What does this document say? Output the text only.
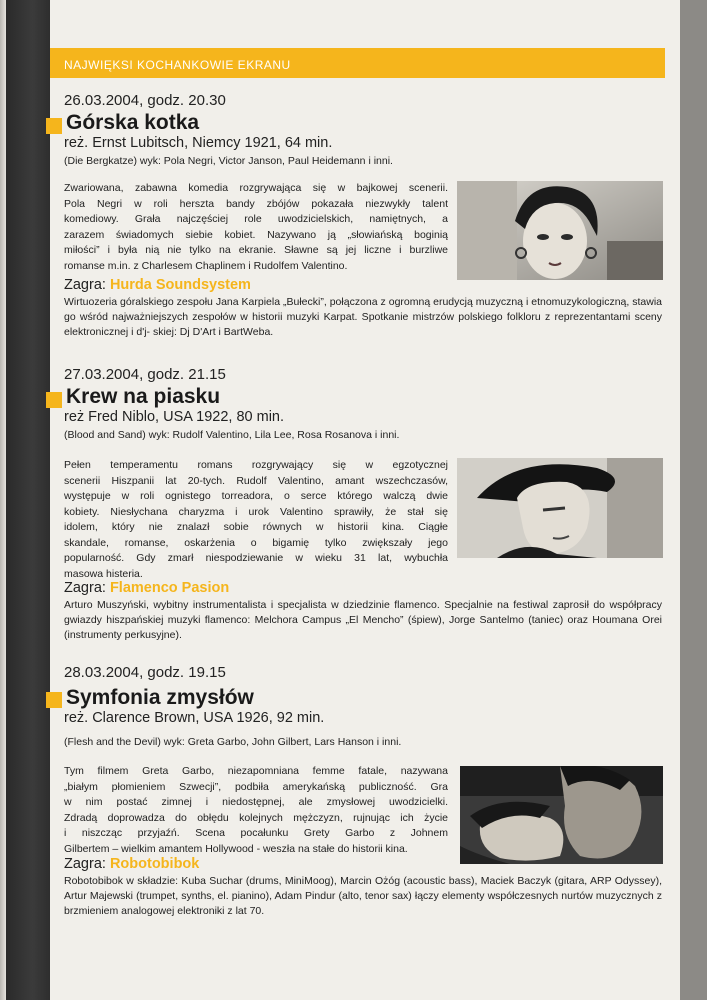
NAJWIĘKSI KOCHANKOWIE EKRANU
26.03.2004, godz. 20.30
Górska kotka
reż. Ernst Lubitsch, Niemcy 1921, 64 min.
(Die Bergkatze) wyk: Pola Negri, Victor Janson, Paul Heidemann i inni.
Zwariowana, zabawna komedia rozgrywająca się w bajkowej scenerii.
Pola Negri w roli herszta bandy zbójów pokazała niezwykły talent
komediowy. Grała najczęściej role uwodzicielskich, namiętnych, a
zarazem świadomych siebie kobiet. Nazywano ją „słowiańską boginią
miłości” i była nią nie tylko na ekranie. Sławne są jej liczne i burzliwe
romanse m.in. z Charlesem Chaplinem i Rudolfem Valentino.
Zagra: Hurda Soundsystem
Wirtuozeria góralskiego zespołu Jana Karpiela „Bułecki”, połączona z ogromną erudycją muzyczną i etnomuzykologiczną, stawia go wśród najważniejszych zespołów w historii muzyki Karpat. Spotkanie mistrzów polskiego folkloru z reprezentantami sceny elektronicznej i d'j- skiej: Dj D'Art i BartWeba.
27.03.2004, godz. 21.15
Krew na piasku
reż Fred Niblo, USA 1922, 80 min.
(Blood and Sand) wyk: Rudolf Valentino, Lila Lee, Rosa Rosanova i inni.
Pełen temperamentu romans rozgrywający się w egzotycznej
scenerii Hiszpanii lat 20-tych. Rudolf Valentino, amant wszechczasów,
występuje w roli ognistego torreadora, o serce którego walczą dwie
kobiety. Niesłychana charyzma i urok Valentino sprawiły, że stał się
idolem, który nie znalazł sobie równych w historii kina. Ciągłe
skandale, romanse, oskarżenia o bigamię tylko zwiększały jego
popularność. Gdy zmarł niespodziewanie w wieku 31 lat, wybuchła
masowa histeria.
Zagra: Flamenco Pasion
Arturo Muszyński, wybitny instrumentalista i specjalista w dziedzinie flamenco. Specjalnie na festiwal zaprosił do współpracy gwiazdy hiszpańskiej muzyki flamenco: Melchora Campus „El Mencho” (śpiew), Jorge Santelmo (taniec) oraz Houmana Orei (instrumenty perkusyjne).
28.03.2004, godz. 19.15
Symfonia zmysłów
reż. Clarence Brown, USA 1926, 92 min.
(Flesh and the Devil) wyk: Greta Garbo, John Gilbert, Lars Hanson i inni.
Tym filmem Greta Garbo, niezapomniana femme fatale, nazywana
„białym płomieniem Szwecji”, podbiła amerykańską publiczność. Gra
w nim postać zimnej i niedostępnej, ale zmysłowej uwodzicielki.
Zdradą doprowadza do obłędu kolejnych mężczyzn, rujnując ich życie
i niszcząc przyjaźń. Scena pocałunku Grety Garbo z Johnem
Gilbertem – wielkim amantem Hollywood - weszła na stałe do historii kina.
Zagra: Robotobibok
Robotobibok w składzie: Kuba Suchar (drums, MiniMoog), Marcin Ożóg (acoustic bass), Maciek Baczyk (gitara, ARP Odyssey), Artur Majewski (trumpet, synths, el. pianino), Adam Pindur (alto, tenor sax) łączy elementy współczesnych nurtów muzycznych z brzmieniem analogowej elektroniki z lat 70.
